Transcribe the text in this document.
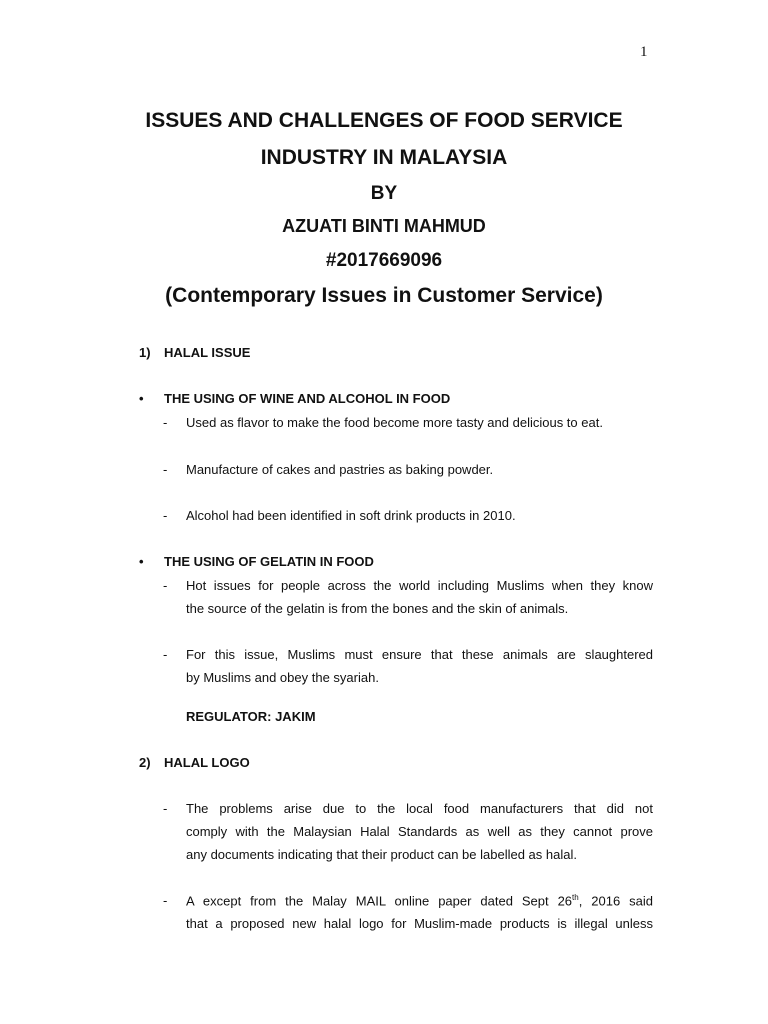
1
ISSUES AND CHALLENGES OF FOOD SERVICE
INDUSTRY IN MALAYSIA
BY
AZUATI BINTI MAHMUD
#2017669096
(Contemporary Issues in Customer Service)
1) HALAL ISSUE
• THE USING OF WINE AND ALCOHOL IN FOOD
- Used as flavor to make the food become more tasty and delicious to eat.
- Manufacture of cakes and pastries as baking powder.
- Alcohol had been identified in soft drink products in 2010.
• THE USING OF GELATIN IN FOOD
- Hot issues for people across the world including Muslims when they know
the source of the gelatin is from the bones and the skin of animals.
- For this issue, Muslims must ensure that these animals are slaughtered
by Muslims and obey the syariah.
REGULATOR: JAKIM
2) HALAL LOGO
- The problems arise due to the local food manufacturers that did not
comply with the Malaysian Halal Standards as well as they cannot prove
any documents indicating that their product can be labelled as halal.
- A except from the Malay MAIL online paper dated Sept 26th, 2016 said
that a proposed new halal logo for Muslim-made products is illegal unless
